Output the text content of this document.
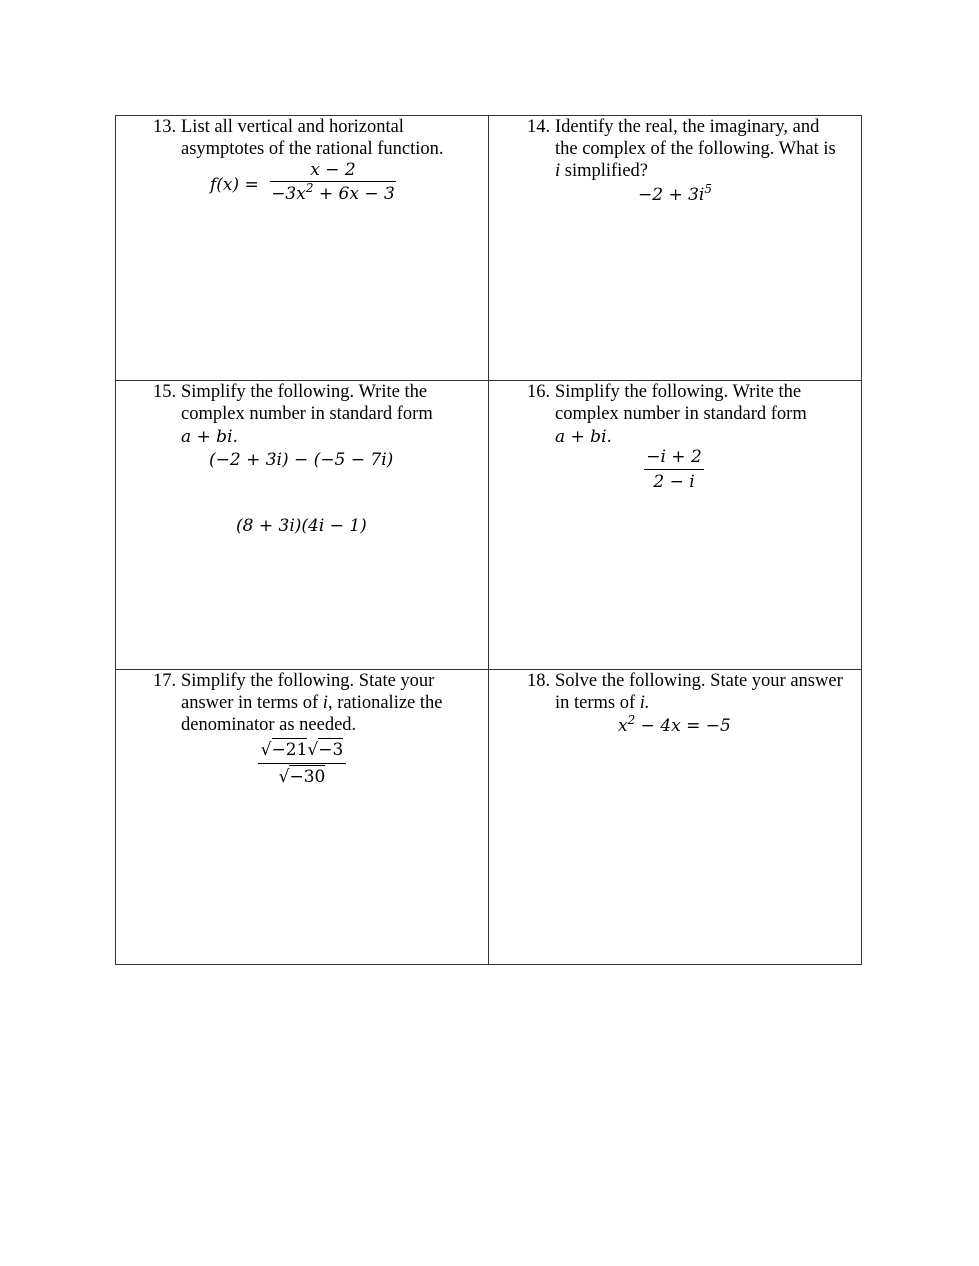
13. List all vertical and horizontal
asymptotes of the rational function.
f(x) =
x − 2
$-3x^2 + 6x - 3$
14. Identify the real, the imaginary, and
the complex of the following. What is
i simplified?
$-2 + 3i^5$
15. Simplify the following. Write the
complex number in standard form
a + bi.
(−2 + 3i) − (−5 − 7i)
(8 + 3i)(4i − 1)
16. Simplify the following. Write the
complex number in standard form
a + bi.
−i + 2
2 − i
17. Simplify the following. State your
answer in terms of i, rationalize the
denominator as needed.
√−21√−3
√−30
18. Solve the following. State your answer
in terms of i.
$x^2 - 4x = -5$
